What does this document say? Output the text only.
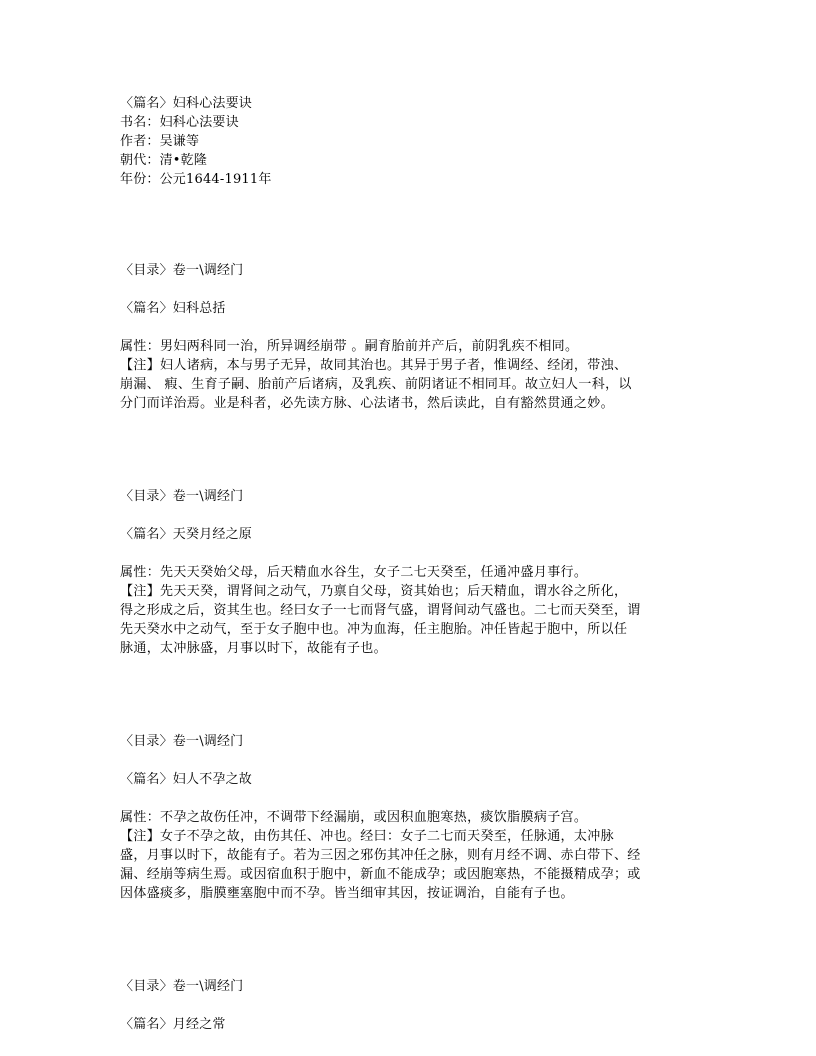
〈篇名〉妇科心法要诀
书名：妇科心法要诀
作者：吴谦等
朝代：清•乾隆
年份：公元1644-1911年
〈目录〉卷一\调经门
〈篇名〉妇科总括
属性：男妇两科同一治，所异调经崩带 。嗣育胎前并产后，前阴乳疾不相同。
【注】妇人诸病，本与男子无异，故同其治也。其异于男子者，惟调经、经闭，带浊、
崩漏、 瘕、生育子嗣、胎前产后诸病，及乳疾、前阴诸证不相同耳。故立妇人一科，以
分门而详治焉。业是科者，必先读方脉、心法诸书，然后读此，自有豁然贯通之妙。
〈目录〉卷一\调经门
〈篇名〉天癸月经之原
属性：先天天癸始父母，后天精血水谷生，女子二七天癸至，任通冲盛月事行。
【注】先天天癸，谓肾间之动气，乃禀自父母，资其始也；后天精血，谓水谷之所化，
得之形成之后，资其生也。经曰女子一七而肾气盛，谓肾间动气盛也。二七而天癸至，谓
先天癸水中之动气，至于女子胞中也。冲为血海，任主胞胎。冲任皆起于胞中，所以任
脉通，太冲脉盛，月事以时下，故能有子也。
〈目录〉卷一\调经门
〈篇名〉妇人不孕之故
属性：不孕之故伤任冲，不调带下经漏崩，或因积血胞寒热，痰饮脂膜病子宫。
【注】女子不孕之故，由伤其任、冲也。经曰：女子二七而天癸至，任脉通，太冲脉
盛，月事以时下，故能有子。若为三因之邪伤其冲任之脉，则有月经不调、赤白带下、经
漏、经崩等病生焉。或因宿血积于胞中，新血不能成孕；或因胞寒热，不能摄精成孕；或
因体盛痰多，脂膜壅塞胞中而不孕。皆当细审其因，按证调治，自能有子也。
〈目录〉卷一\调经门
〈篇名〉月经之常
